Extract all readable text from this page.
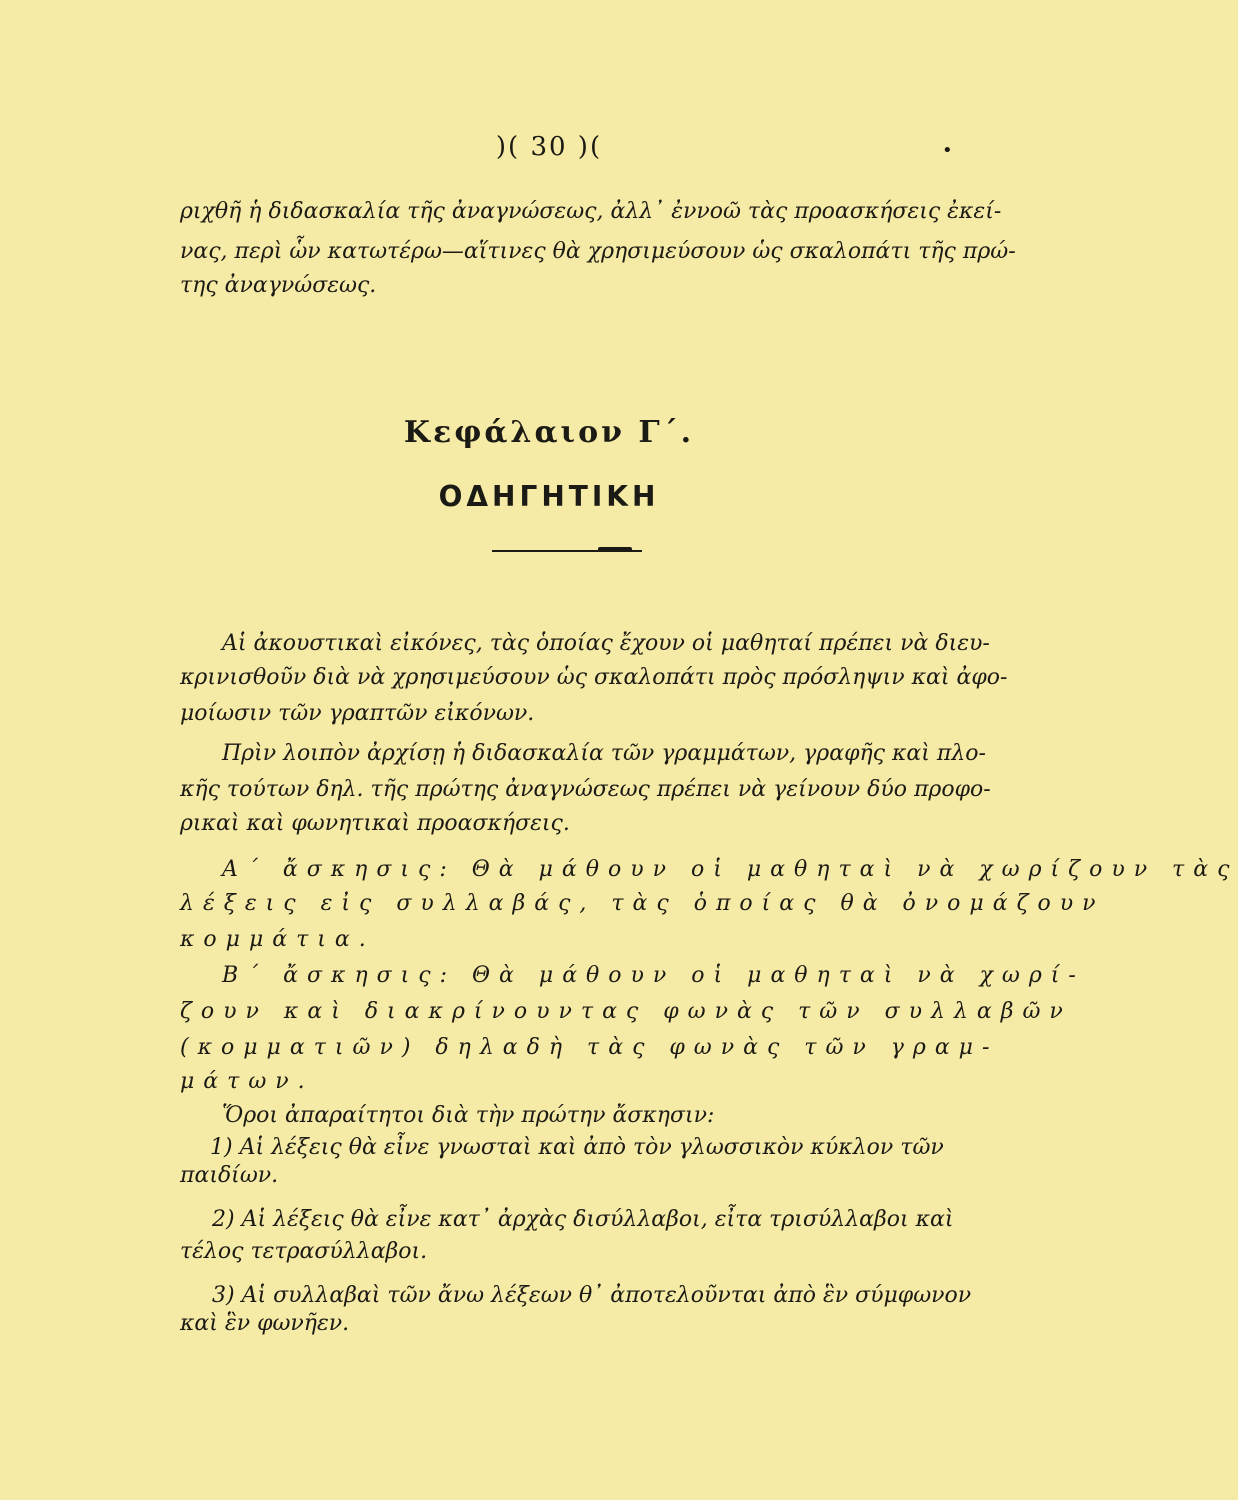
)( 30 )(	•
ριχθῆ ἡ διδασκαλία τῆς ἀναγνώσεως, ἀλλ᾽ ἐννοῶ τὰς προασκήσεις ἐκεί-
νας, περὶ ὧν κατωτέρω—αἵτινες θὰ χρησιμεύσουν ὡς σκαλοπάτι τῆς πρώ-
της ἀναγνώσεως.
Κεφάλαιον Γ΄.
ΟΔΗΓΗΤΙΚΗ
Αἱ ἀκουστικαὶ εἰκόνες, τὰς ὁποίας ἔχουν οἱ μαθηταί πρέπει νὰ διευ-
κρινισθοῦν διὰ νὰ χρησιμεύσουν ὡς σκαλοπάτι πρὸς πρόσληψιν καὶ ἀφο-
μοίωσιν τῶν γραπτῶν εἰκόνων.
Πρὶν λοιπὸν ἀρχίσῃ ἡ διδασκαλία τῶν γραμμάτων, γραφῆς καὶ πλο-
κῆς τούτων δηλ. τῆς πρώτης ἀναγνώσεως πρέπει νὰ γείνουν δύο προφο-
ρικαὶ καὶ φωνητικαὶ προασκήσεις.
Α΄ ἄσκησις: Θὰ μάθουν οἱ μαθηταὶ νὰ χωρίζουν τὰς
λέξεις εἰς συλλαβάς, τὰς ὁποίας θὰ ὀνομάζουν
κομμάτια.
Β΄ ἄσκησις: Θὰ μάθουν οἱ μαθηταὶ νὰ χωρί-
ζουν καὶ διακρίνουντας φωνὰς τῶν συλλαβῶν
(κομματιῶν) δηλαδὴ τὰς φωνὰς τῶν γραμ-
μάτων.
Ὅροι ἀπαραίτητοι διὰ τὴν πρώτην ἄσκησιν:
1) Αἱ λέξεις θὰ εἶνε γνωσταὶ καὶ ἀπὸ τὸν γλωσσικὸν κύκλον τῶν
παιδίων.
2) Αἱ λέξεις θὰ εἶνε κατ᾽ ἀρχὰς δισύλλαβοι, εἶτα τρισύλλαβοι καὶ
τέλος τετρασύλλαβοι.
3) Αἱ συλλαβαὶ τῶν ἄνω λέξεων θ᾽ ἀποτελοῦνται ἀπὸ ἓν σύμφωνον
καὶ ἓν φωνῆεν.
